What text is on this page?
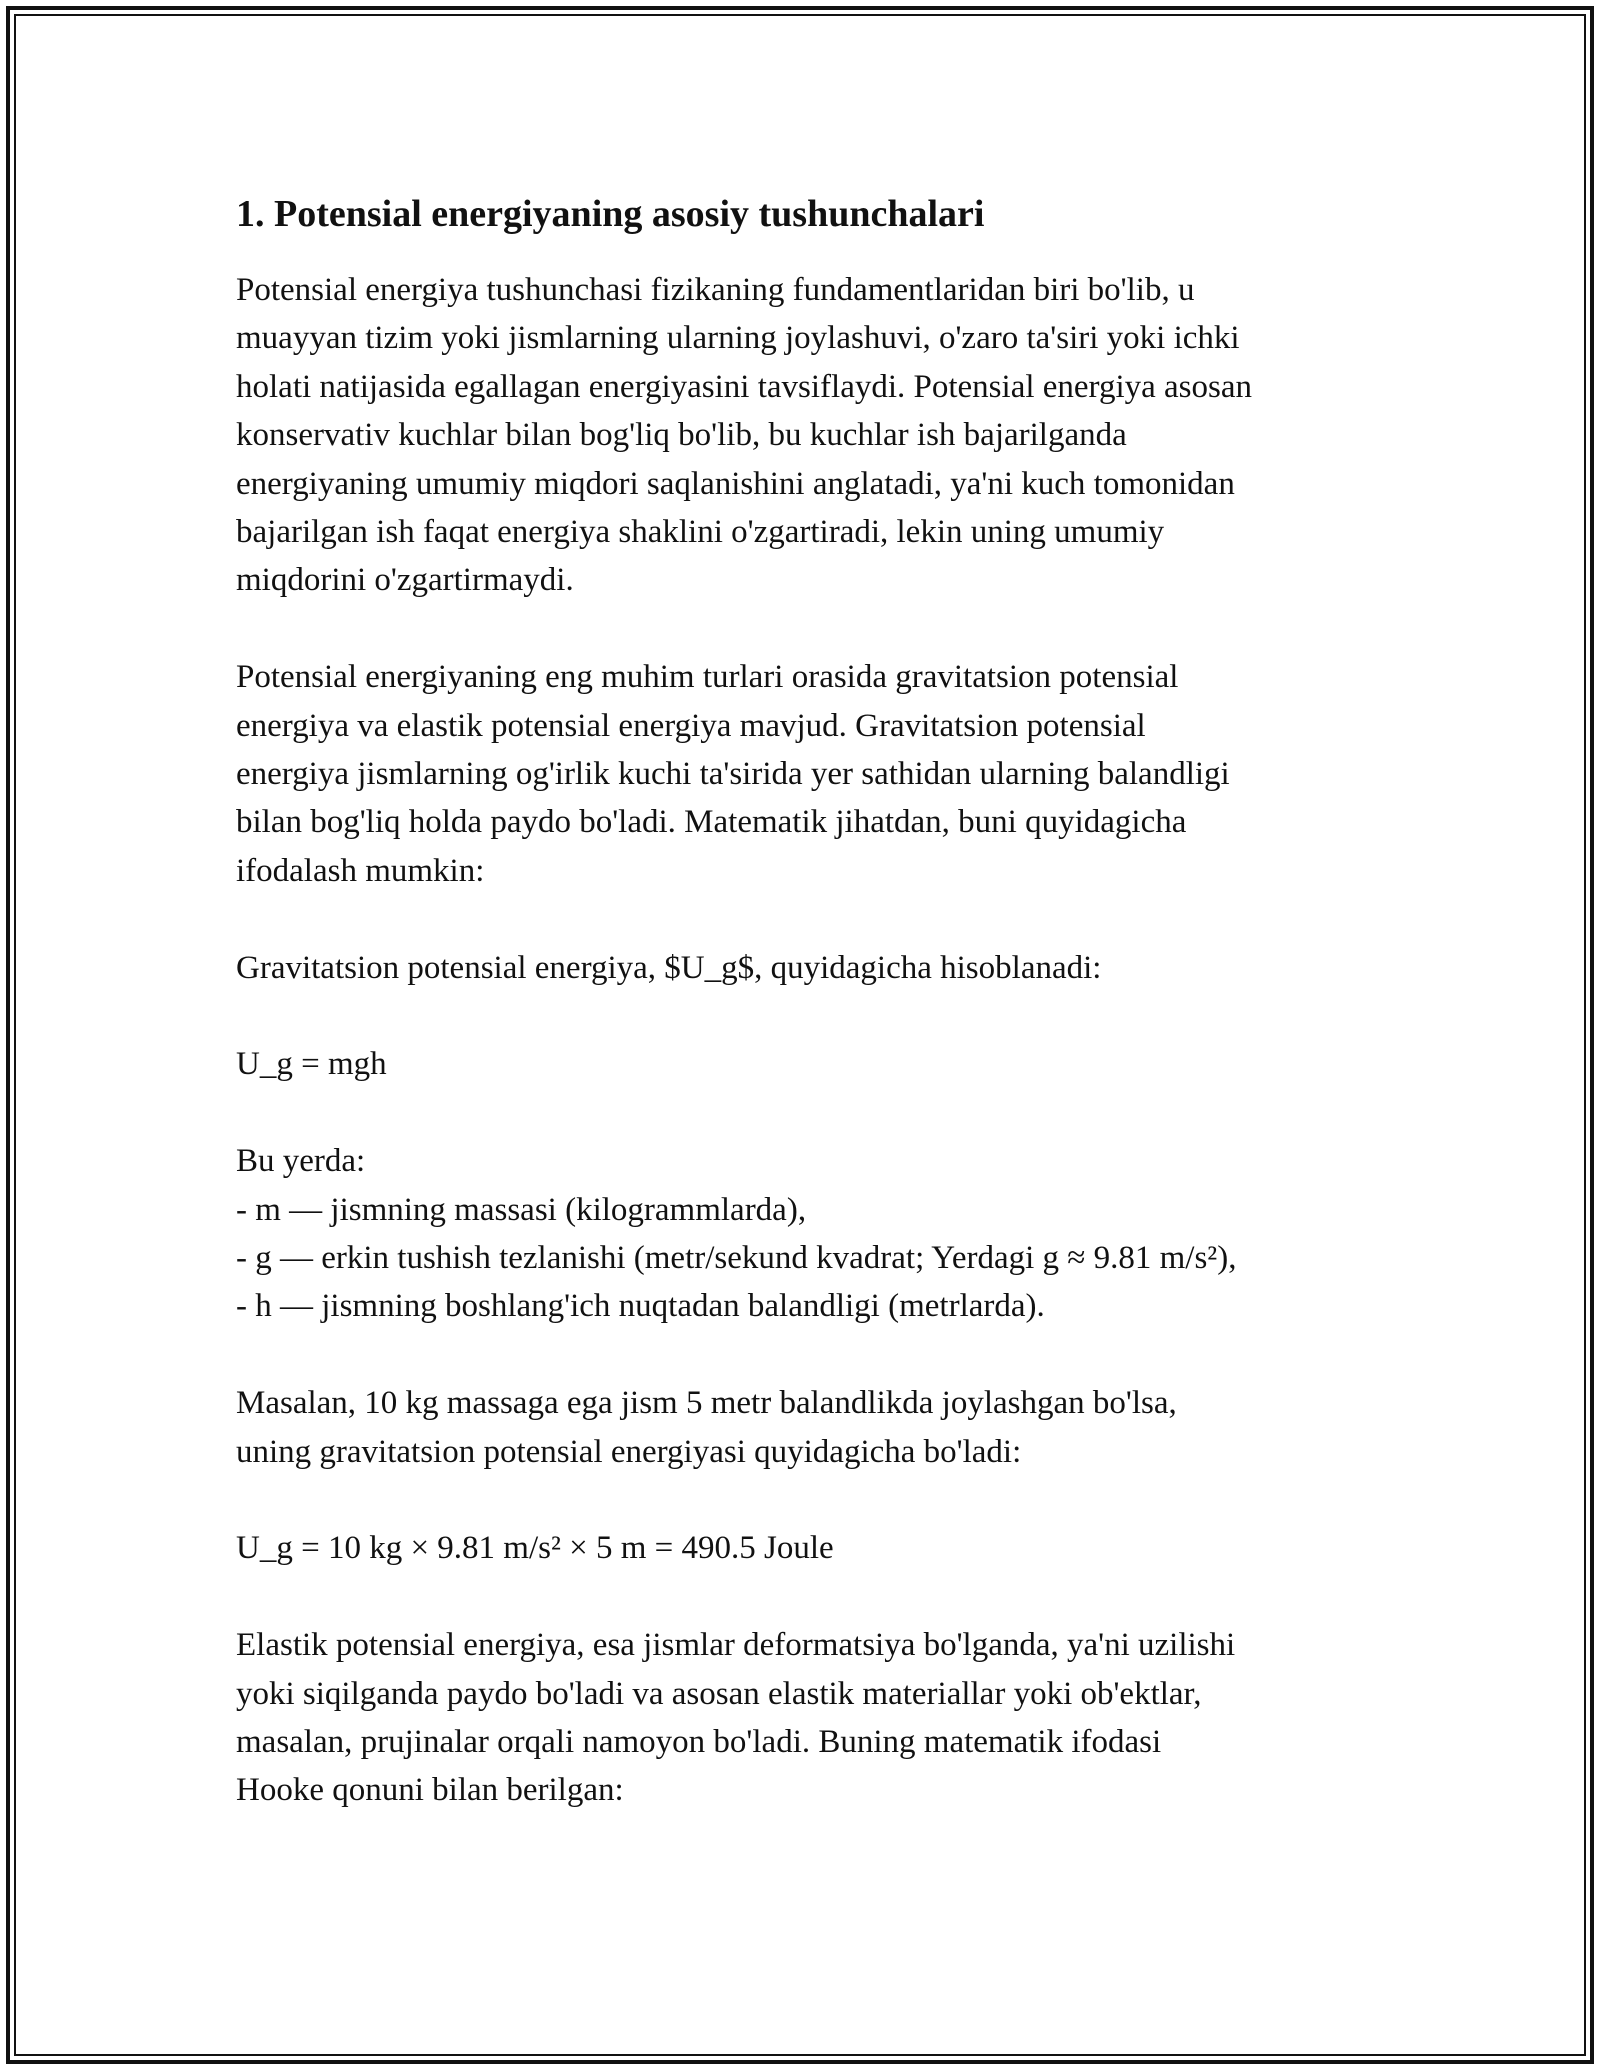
1. Potensial energiyaning asosiy tushunchalari

Potensial energiya tushunchasi fizikaning fundamentlaridan biri bo'lib, u
muayyan tizim yoki jismlarning ularning joylashuvi, o'zaro ta'siri yoki ichki
holati natijasida egallagan energiyasini tavsiflaydi. Potensial energiya asosan
konservativ kuchlar bilan bog'liq bo'lib, bu kuchlar ish bajarilganda
energiyaning umumiy miqdori saqlanishini anglatadi, ya'ni kuch tomonidan
bajarilgan ish faqat energiya shaklini o'zgartiradi, lekin uning umumiy
miqdorini o'zgartirmaydi.

Potensial energiyaning eng muhim turlari orasida gravitatsion potensial
energiya va elastik potensial energiya mavjud. Gravitatsion potensial
energiya jismlarning og'irlik kuchi ta'sirida yer sathidan ularning balandligi
bilan bog'liq holda paydo bo'ladi. Matematik jihatdan, buni quyidagicha
ifodalash mumkin:

Gravitatsion potensial energiya, $U_g$, quyidagicha hisoblanadi:

U_g = mgh

Bu yerda:
- m — jismning massasi (kilogrammlarda),
- g — erkin tushish tezlanishi (metr/sekund kvadrat; Yerdagi g ≈ 9.81 m/s²),
- h — jismning boshlang'ich nuqtadan balandligi (metrlarda).

Masalan, 10 kg massaga ega jism 5 metr balandlikda joylashgan bo'lsa,
uning gravitatsion potensial energiyasi quyidagicha bo'ladi:

U_g = 10 kg × 9.81 m/s² × 5 m = 490.5 Joule

Elastik potensial energiya, esa jismlar deformatsiya bo'lganda, ya'ni uzilishi
yoki siqilganda paydo bo'ladi va asosan elastik materiallar yoki ob'ektlar,
masalan, prujinalar orqali namoyon bo'ladi. Buning matematik ifodasi
Hooke qonuni bilan berilgan:
